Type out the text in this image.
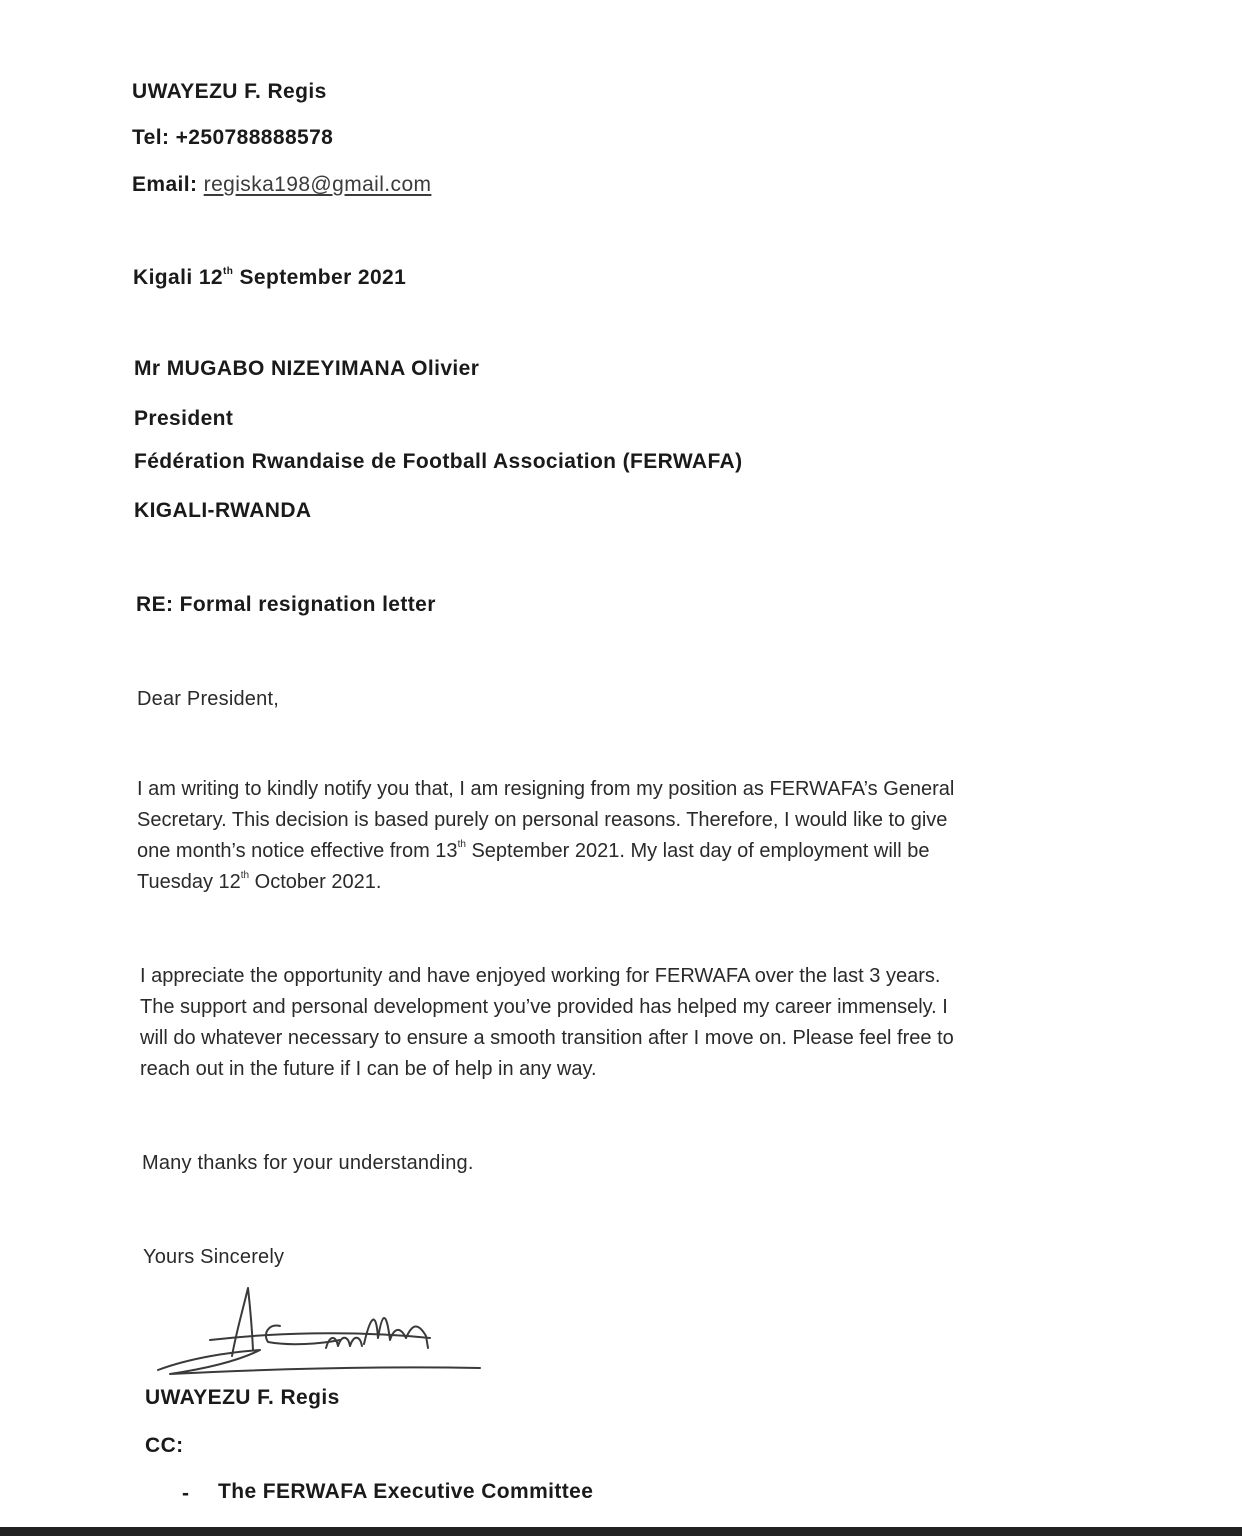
UWAYEZU F. Regis
Tel: +250788888578
Email: regiska198@gmail.com
Kigali 12th September 2021
Mr MUGABO NIZEYIMANA Olivier
President
Fédération Rwandaise de Football Association (FERWAFA)
KIGALI-RWANDA
RE: Formal resignation letter
Dear President,
I am writing to kindly notify you that, I am resigning from my position as FERWAFA’s General
Secretary. This decision is based purely on personal reasons. Therefore, I would like to give
one month’s notice effective from 13th September 2021. My last day of employment will be
Tuesday 12th October 2021.
I appreciate the opportunity and have enjoyed working for FERWAFA over the last 3 years.
The support and personal development you’ve provided has helped my career immensely. I
will do whatever necessary to ensure a smooth transition after I move on. Please feel free to
reach out in the future if I can be of help in any way.
Many thanks for your understanding.
Yours Sincerely
UWAYEZU F. Regis
CC:
- The FERWAFA Executive Committee
